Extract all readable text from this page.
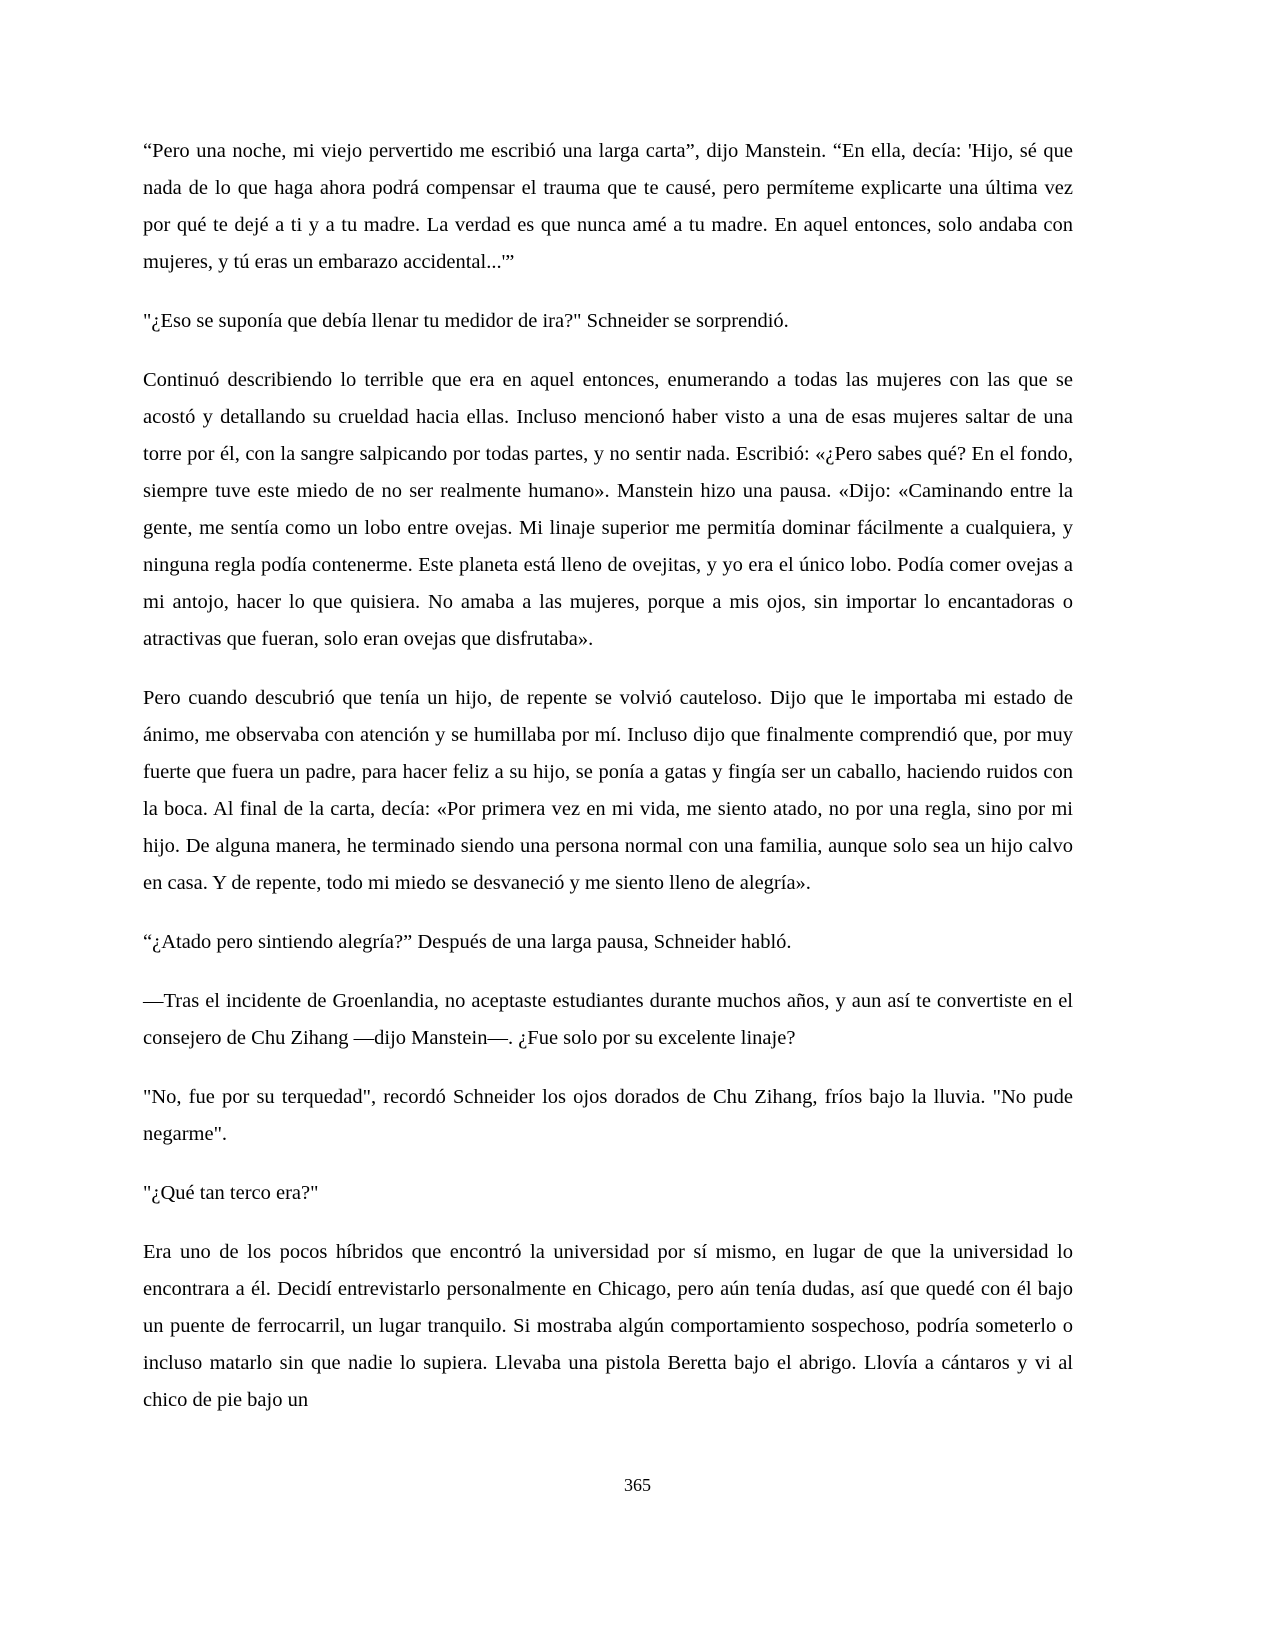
“Pero una noche, mi viejo pervertido me escribió una larga carta”, dijo Manstein. “En ella, decía: 'Hijo, sé que nada de lo que haga ahora podrá compensar el trauma que te causé, pero permíteme explicarte una última vez por qué te dejé a ti y a tu madre. La verdad es que nunca amé a tu madre. En aquel entonces, solo andaba con mujeres, y tú eras un embarazo accidental...'”

"¿Eso se suponía que debía llenar tu medidor de ira?" Schneider se sorprendió.

Continuó describiendo lo terrible que era en aquel entonces, enumerando a todas las mujeres con las que se acostó y detallando su crueldad hacia ellas. Incluso mencionó haber visto a una de esas mujeres saltar de una torre por él, con la sangre salpicando por todas partes, y no sentir nada. Escribió: «¿Pero sabes qué? En el fondo, siempre tuve este miedo de no ser realmente humano». Manstein hizo una pausa. «Dijo: «Caminando entre la gente, me sentía como un lobo entre ovejas. Mi linaje superior me permitía dominar fácilmente a cualquiera, y ninguna regla podía contenerme. Este planeta está lleno de ovejitas, y yo era el único lobo. Podía comer ovejas a mi antojo, hacer lo que quisiera. No amaba a las mujeres, porque a mis ojos, sin importar lo encantadoras o atractivas que fueran, solo eran ovejas que disfrutaba».

Pero cuando descubrió que tenía un hijo, de repente se volvió cauteloso. Dijo que le importaba mi estado de ánimo, me observaba con atención y se humillaba por mí. Incluso dijo que finalmente comprendió que, por muy fuerte que fuera un padre, para hacer feliz a su hijo, se ponía a gatas y fingía ser un caballo, haciendo ruidos con la boca. Al final de la carta, decía: «Por primera vez en mi vida, me siento atado, no por una regla, sino por mi hijo. De alguna manera, he terminado siendo una persona normal con una familia, aunque solo sea un hijo calvo en casa. Y de repente, todo mi miedo se desvaneció y me siento lleno de alegría».

“¿Atado pero sintiendo alegría?” Después de una larga pausa, Schneider habló.

—Tras el incidente de Groenlandia, no aceptaste estudiantes durante muchos años, y aun así te convertiste en el consejero de Chu Zihang —dijo Manstein—. ¿Fue solo por su excelente linaje?

"No, fue por su terquedad", recordó Schneider los ojos dorados de Chu Zihang, fríos bajo la lluvia. "No pude negarme".

"¿Qué tan terco era?"

Era uno de los pocos híbridos que encontró la universidad por sí mismo, en lugar de que la universidad lo encontrara a él. Decidí entrevistarlo personalmente en Chicago, pero aún tenía dudas, así que quedé con él bajo un puente de ferrocarril, un lugar tranquilo. Si mostraba algún comportamiento sospechoso, podría someterlo o incluso matarlo sin que nadie lo supiera. Llevaba una pistola Beretta bajo el abrigo. Llovía a cántaros y vi al chico de pie bajo un

365
